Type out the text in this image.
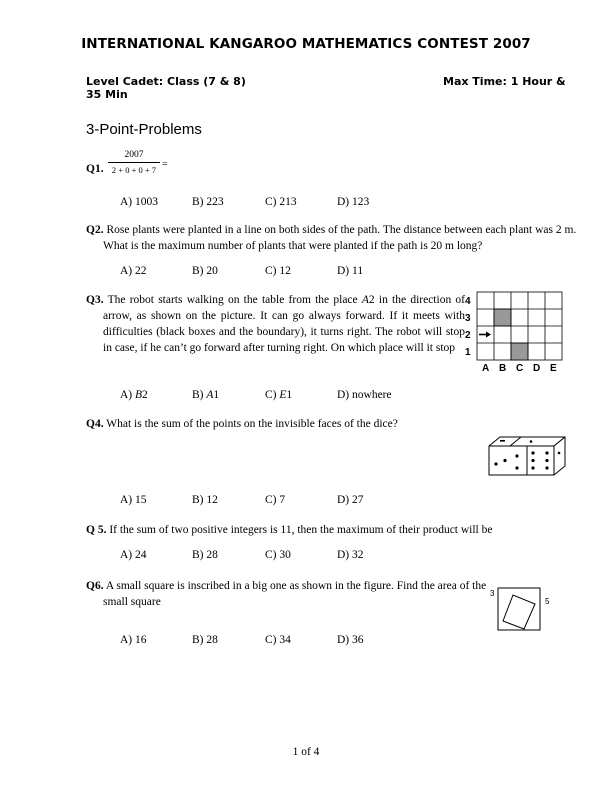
INTERNATIONAL KANGAROO MATHEMATICS CONTEST 2007
Level Cadet: Class (7 & 8)	Max Time: 1 Hour &
35 Min
3-Point-Problems
Q1.
2007
2 + 0 + 0 + 7 =
A) 1003	B) 223	C) 213	D) 123
Q2. Rose plants were planted in a line on both sides of the path. The distance between each plant was 2 m. What is the maximum number of plants that were planted if the path is 20 m long?
A) 22	B) 20	C) 12	D) 11
Q3. The robot starts walking on the table from the place A2 in the direction of arrow, as shown on the picture. It can go always forward. If it meets with difficulties (black boxes and the boundary), it turns right. The robot will stop in case, if he can’t go forward after turning right. On which place will it stop
4
3
2
1
A B C D E
A) B2	B) A1	C) E1	D) nowhere
Q4. What is the sum of the points on the invisible faces of the dice?
A) 15	B) 12	C) 7	D) 27
Q 5. If the sum of two positive integers is 11, then the maximum of their product will be
A) 24	B) 28	C) 30	D) 32
Q6. A small square is inscribed in a big one as shown in the figure. Find the area of the small square
3
5
A) 16	B) 28	C) 34	D) 36
1 of 4
